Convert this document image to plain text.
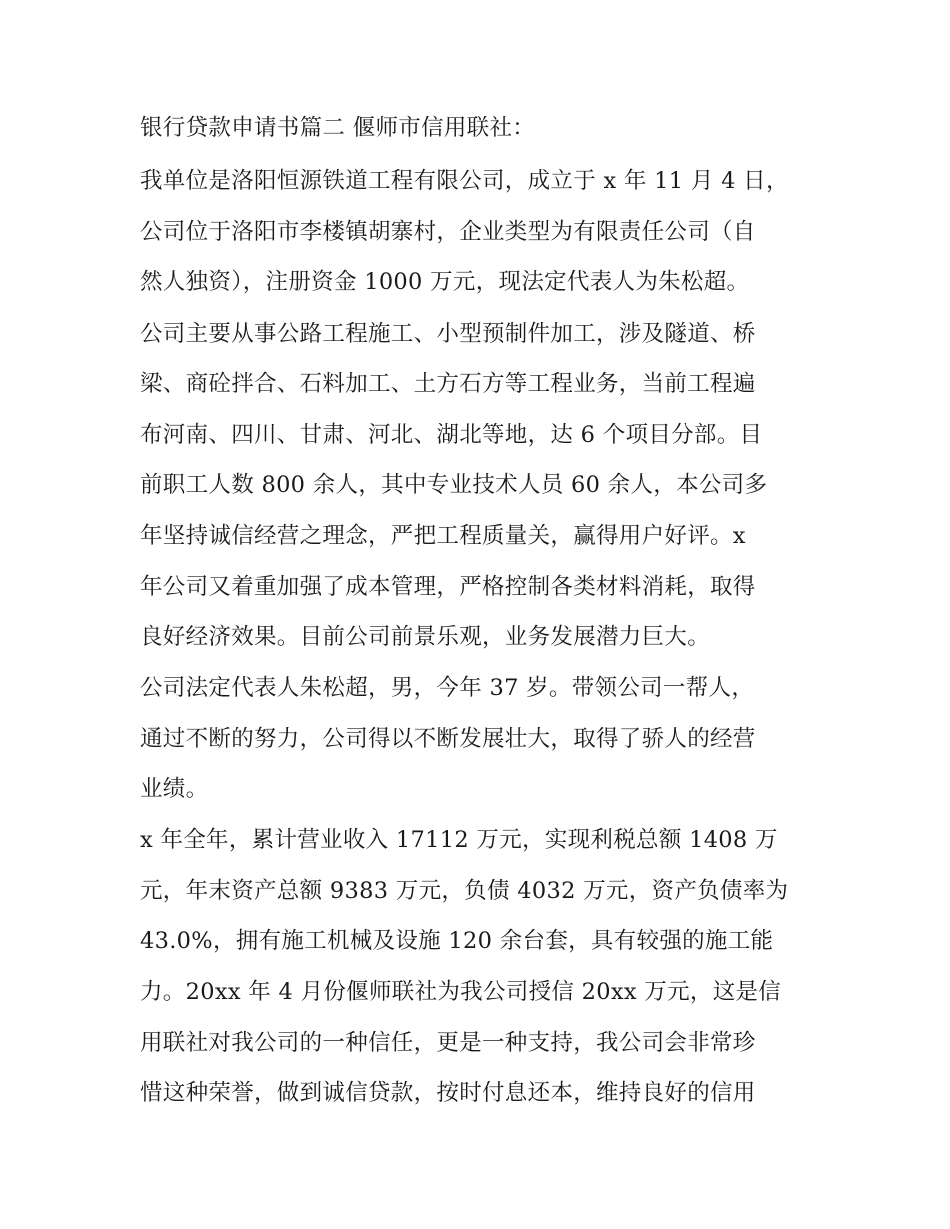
银行贷款申请书篇二 偃师市信用联社：
我单位是洛阳恒源铁道工程有限公司，成立于 x 年 11 月 4 日，
公司位于洛阳市李楼镇胡寨村，企业类型为有限责任公司（自
然人独资），注册资金 1000 万元，现法定代表人为朱松超。
公司主要从事公路工程施工、小型预制件加工，涉及隧道、桥
梁、商砼拌合、石料加工、土方石方等工程业务，当前工程遍
布河南、四川、甘肃、河北、湖北等地，达 6 个项目分部。目
前职工人数 800 余人，其中专业技术人员 60 余人，本公司多
年坚持诚信经营之理念，严把工程质量关，赢得用户好评。x
年公司又着重加强了成本管理，严格控制各类材料消耗，取得
良好经济效果。目前公司前景乐观，业务发展潜力巨大。
公司法定代表人朱松超，男，今年 37 岁。带领公司一帮人，
通过不断的努力，公司得以不断发展壮大，取得了骄人的经营
业绩。
x 年全年，累计营业收入 17112 万元，实现利税总额 1408 万
元，年末资产总额 9383 万元，负债 4032 万元，资产负债率为
43.0%，拥有施工机械及设施 120 余台套，具有较强的施工能
力。20xx 年 4 月份偃师联社为我公司授信 20xx 万元，这是信
用联社对我公司的一种信任，更是一种支持，我公司会非常珍
惜这种荣誉，做到诚信贷款，按时付息还本，维持良好的信用
